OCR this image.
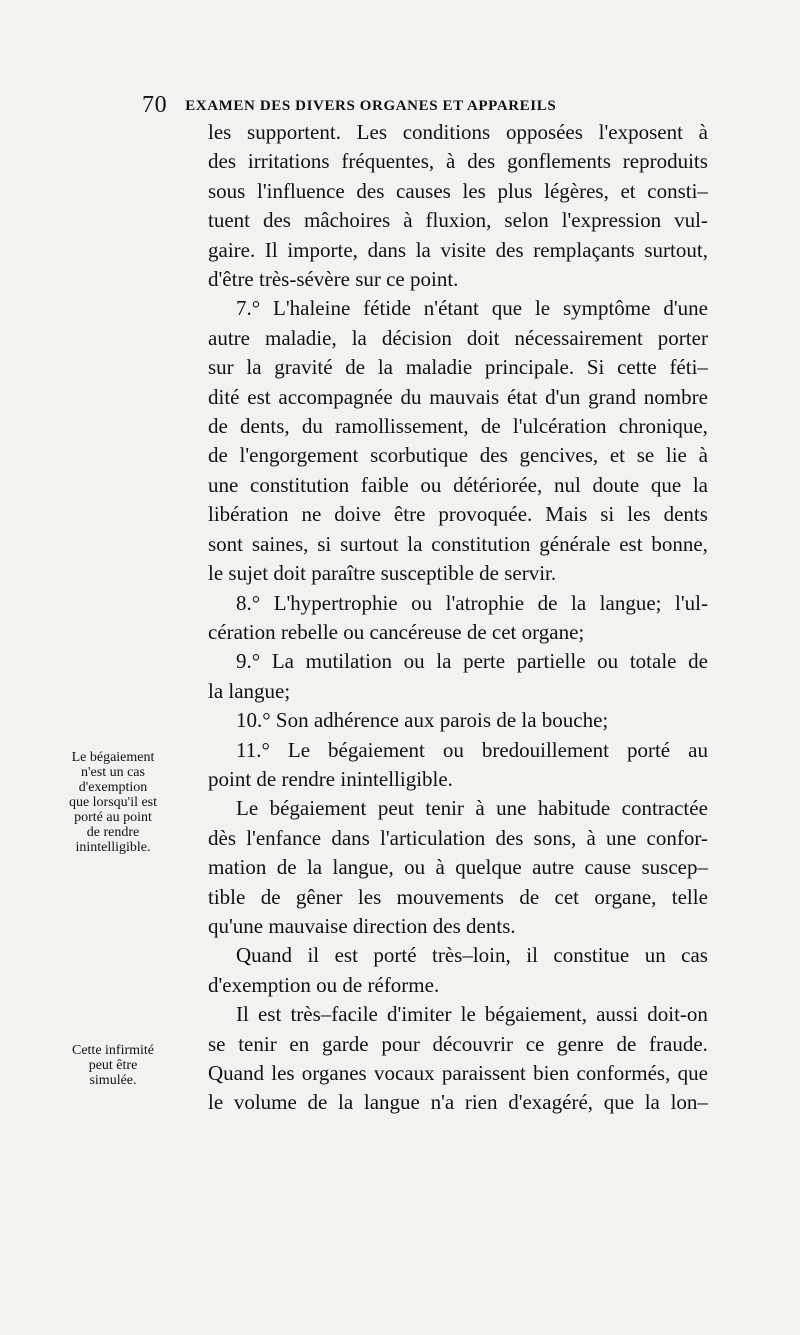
70 EXAMEN DES DIVERS ORGANES ET APPAREILS
les supportent. Les conditions opposées l'exposent à
des irritations fréquentes, à des gonflements reproduits
sous l'influence des causes les plus légères, et consti–
tuent des mâchoires à fluxion, selon l'expression vul-
gaire. Il importe, dans la visite des remplaçants surtout,
d'être très-sévère sur ce point.
7.° L'haleine fétide n'étant que le symptôme d'une
autre maladie, la décision doit nécessairement porter
sur la gravité de la maladie principale. Si cette féti–
dité est accompagnée du mauvais état d'un grand nombre
de dents, du ramollissement, de l'ulcération chronique,
de l'engorgement scorbutique des gencives, et se lie à
une constitution faible ou détériorée, nul doute que la
libération ne doive être provoquée. Mais si les dents
sont saines, si surtout la constitution générale est bonne,
le sujet doit paraître susceptible de servir.
8.° L'hypertrophie ou l'atrophie de la langue; l'ul-
cération rebelle ou cancéreuse de cet organe;
9.° La mutilation ou la perte partielle ou totale de
la langue;
10.° Son adhérence aux parois de la bouche;
11.° Le bégaiement ou bredouillement porté au
point de rendre inintelligible.
Le bégaiement peut tenir à une habitude contractée
dès l'enfance dans l'articulation des sons, à une confor-
mation de la langue, ou à quelque autre cause suscep–
tible de gêner les mouvements de cet organe, telle
qu'une mauvaise direction des dents.
Quand il est porté très–loin, il constitue un cas
d'exemption ou de réforme.
Il est très–facile d'imiter le bégaiement, aussi doit-on
se tenir en garde pour découvrir ce genre de fraude.
Quand les organes vocaux paraissent bien conformés, que
le volume de la langue n'a rien d'exagéré, que la lon–
Le bégaiement
n'est un cas
d'exemption
que lorsqu'il est
porté au point
de rendre
inintelligible.
Cette infirmité
peut être
simulée.
